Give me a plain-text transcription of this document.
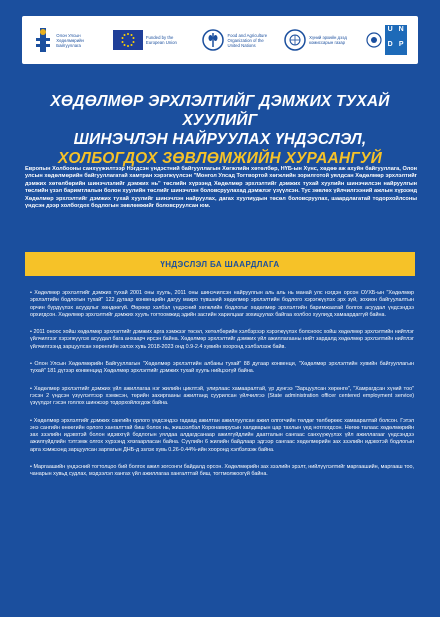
Олон Улсын Хөдөлмөрийн Байгууллага
Funded by the European Union
Food and Agriculture Organization of the United Nations
Хүний эрхийн дээд комиссарын газар
U N
D P
ХӨДӨЛМӨР ЭРХЛЭЛТИЙГ ДЭМЖИХ ТУХАЙ ХУУЛИЙГ
ШИНЭЧЛЭН НАЙРУУЛАХ ҮНДЭСЛЭЛ,
ХОЛБОГДОХ ЗӨВЛӨМЖИЙН ХУРААНГУЙ
Европын Холбооны санхүүжилтээр Нэгдсэн үндэстний байгууллагын Хөгжлийн хөтөлбөр, НҮБ-ын Хүнс, хөдөө аж ахуйн байгууллага, Олон улсын хөдөлмөрийн байгууллагатай хамтран хэрэгжүүлсэн "Монгол Улсад Тогтвортой хөгжлийн зорилготой уялдсан Хөдөлмөр эрхлэлтийг дэмжих хөтөлбөрийн шинэчлэлийг дэмжих нь" төслийн хүрээнд Хөдөлмөр эрхлэлтийг дэмжих тухай хуулийн шинэчилсэн найруулгын төслийн үзэл баримтлалын болон хуулийн төслийг шинэчлэн боловсруулахад дэмжлэг үзүүлсэн. Тус зөвлөх үйлчилгээний ажлын хүрээнд Хөдөлмөр эрхлэлтийг дэмжих тухай хуулийг шинэчлэн найруулах, дагах хуулиудын төсөл боловсруулах, шаардлагатай тодорхойлсоны үндсэн дээр холбогдох бодлогын зөвлөмжийг боловсруулсан юм.
ҮНДЭСЛЭЛ БА ШААРДЛАГА
• Хөдөлмөр эрхлэлтийг дэмжих тухай 2001 оны хууль, 2011 оны шинэчилсэн найруулгын аль аль нь манай улс нэгдэн орсон ОУХБ-ын "Хөдөлмөр эрхлэлтийн бодлогын тухай" 122 дугаар конвенцийн дагуу макро түвшний хөдөлмөр эрхлэлтийн бодлого хэрэгжүүлэх эрх зүй, зохион байгуулалтын орчин бүрдүүлэх асуудлыг хөндөөгүй. Өөрөөр хэлбэл үндэсний хөгжлийн бодлогыг хөдөлмөр эрхлэлтийн баримжаатай болгох асуудал үндсэндээ орхигдсон. Хөдөлмөр эрхлэлтийг дэмжих хууль тогтоомжид эдийн засгийн харилцааг зохицуулах байгаа холбоо хуулиуд хамаардаггүй байна.
• 2011 оноос хойш хөдөлмөр эрхлэлтийг дэмжих арга хэмжээг төсөл, хөтөлбөрийн хэлбэрээр хэрэгжүүлэх болсноос хойш хөдөлмөр эрхлэлтийн нийтлэг үйлчилгээг хэрэгжүүлэх асуудал бага анхаарч ирсэн байна. Хөдөлмөр эрхлэлтийг дэмжих үйл ажиллагааны нийт зардалд хөдөлмөр эрхлэлтийн нийтлэг үйлчилгээнд зарцуулсан хөрөнгийн эзлэх хувь 2018-2023 онд 0.9-2.4 хувийн хооронд хэлбэлзэж байв.
• Олон Улсын Хөдөлмөрийн Байгууллагын "Хөдөлмөр эрхлэлтийн албаны тухай" 88 дугаар конвенци, "Хөдөлмөр эрхлэлтийн хувийн байгууллагын тухай" 181 дүгээр конвенцид Хөдөлмөр эрхлэлтийг дэмжих тухай хууль нийцээгүй байна.
• Хөдөлмөр эрхлэлтийг дэмжих үйл ажиллагаа нэг жилийн циклтэй, улирлаас хамааралтай, үр дүнгээ "Зарцуулсан хөрөнгө", "Хамрагдсан хүний тоо" гэсэн 2 үндсэн үзүүлэлтээр хэмжсэн, төрийн захиргааны ажилтанд суурилсан үйлчилгээ (State administration officer centered employment service) үзүүлдэг гэсэн голлох шинжээр тодорхойлогдож байна.
• Хөдөлмөр эрхлэлтийг дэмжих сангийн орлого үндсэндээ гадаад ажилтан ажиллуулсан ажил олгогчийн төлдөг төлбөрөөс хамааралтай болсон. Гэтэл энэ сангийн өнөөгийн орлого хангалттай биш болох нь, жишээлбэл Коронавирусын халдварын цар тахлын үед нотлогдсон. Нөгөө талаас хөдөлмөрийн зах зээлийн идэвхтэй болон идэвхгүй бодлогын уялдаа алдагдсанаар ажилгүйдлийн даатгалын сангаас санхүүжүүлэх үйл ажиллагааг үндсэндээ ажилгүйдлийн тэтгэмж олгох хүрээнд хязгаарласан байна. Сүүлийн 6 жилийн байдлаар эдгээр сангаас хөдөлмөрийн зах зээлийн идэвхтэй бодлогын арга хэмжээнд зарцуулсан зарлагын ДНБ-д эзлэх хувь 0.26-0.44%-ийн хооронд хэлбэлзэж байна.
• Маргаашийн үндэсний тогтолцоо бий болгох ажил зогсонги байдалд орсон. Хөдөлмөрийн зах зээлийн эрэлт, нийлүүлэлтийг маргаашийн, маргааш тоо, чанарын хувьд судлах, мэдээлэл хангах үйл ажиллагаа хангалттай биш, тогтмолжоогүй байна.
